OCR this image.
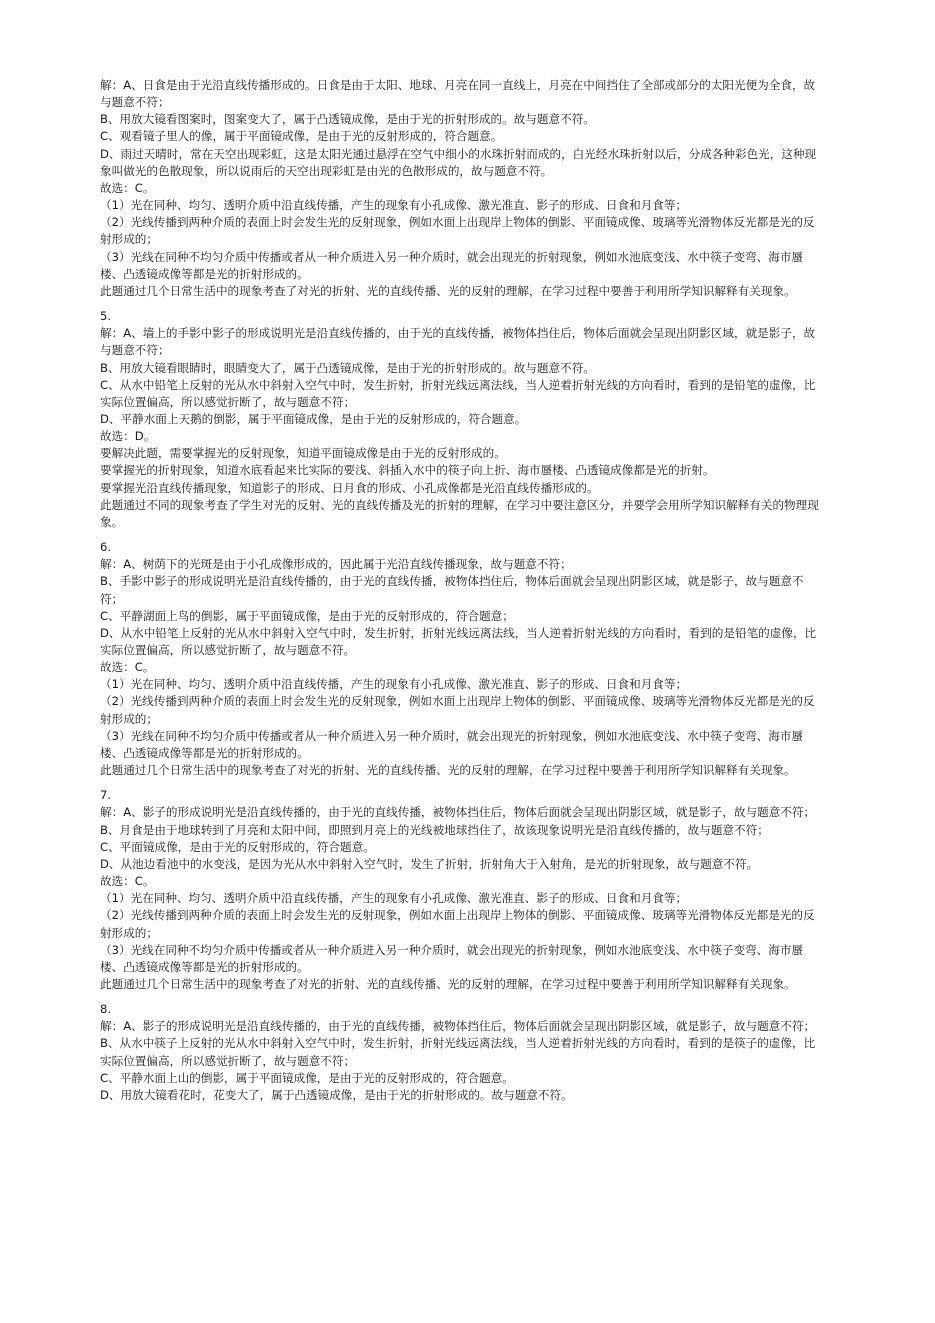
解：A、日食是由于光沿直线传播形成的。日食是由于太阳、地球、月亮在同一直线上，月亮在中间挡住了全部或部分的太阳光便为全食，故与题意不符；

B、用放大镜看图案时，图案变大了，属于凸透镜成像，是由于光的折射形成的。故与题意不符。

C、观看镜子里人的像，属于平面镜成像，是由于光的反射形成的，符合题意。

D、雨过天晴时，常在天空出现彩虹，这是太阳光通过悬浮在空气中细小的水珠折射而成的，白光经水珠折射以后，分成各种彩色光，这种现象叫做光的色散现象，所以说雨后的天空出现彩虹是由光的色散形成的，故与题意不符。

故选：C。

（1）光在同种、均匀、透明介质中沿直线传播，产生的现象有小孔成像、激光准直、影子的形成、日食和月食等；

（2）光线传播到两种介质的表面上时会发生光的反射现象，例如水面上出现岸上物体的倒影、平面镜成像、玻璃等光滑物体反光都是光的反射形成的；

（3）光线在同种不均匀介质中传播或者从一种介质进入另一种介质时，就会出现光的折射现象，例如水池底变浅、水中筷子变弯、海市蜃楼、凸透镜成像等都是光的折射形成的。

此题通过几个日常生活中的现象考查了对光的折射、光的直线传播、光的反射的理解，在学习过程中要善于利用所学知识解释有关现象。

5.

解：A、墙上的手影中影子的形成说明光是沿直线传播的，由于光的直线传播，被物体挡住后，物体后面就会呈现出阴影区域，就是影子，故与题意不符；

B、用放大镜看眼睛时，眼睛变大了，属于凸透镜成像，是由于光的折射形成的。故与题意不符。

C、从水中铅笔上反射的光从水中斜射入空气中时，发生折射，折射光线远离法线，当人逆着折射光线的方向看时，看到的是铅笔的虚像，比实际位置偏高，所以感觉折断了，故与题意不符；

D、平静水面上天鹅的倒影，属于平面镜成像，是由于光的反射形成的，符合题意。

故选：D。

要解决此题，需要掌握光的反射现象，知道平面镜成像是由于光的反射形成的。

要掌握光的折射现象，知道水底看起来比实际的要浅、斜插入水中的筷子向上折、海市蜃楼、凸透镜成像都是光的折射。

要掌握光沿直线传播现象，知道影子的形成、日月食的形成、小孔成像都是光沿直线传播形成的。

此题通过不同的现象考查了学生对光的反射、光的直线传播及光的折射的理解，在学习中要注意区分，并要学会用所学知识解释有关的物理现象。

6.

解：A、树荫下的光斑是由于小孔成像形成的，因此属于光沿直线传播现象，故与题意不符；

B、手影中影子的形成说明光是沿直线传播的，由于光的直线传播，被物体挡住后，物体后面就会呈现出阴影区域，就是影子，故与题意不符；

C、平静湖面上鸟的倒影，属于平面镜成像，是由于光的反射形成的，符合题意；

D、从水中铅笔上反射的光从水中斜射入空气中时，发生折射，折射光线远离法线，当人逆着折射光线的方向看时，看到的是铅笔的虚像，比实际位置偏高，所以感觉折断了，故与题意不符。

故选：C。

（1）光在同种、均匀、透明介质中沿直线传播，产生的现象有小孔成像、激光准直、影子的形成、日食和月食等；

（2）光线传播到两种介质的表面上时会发生光的反射现象，例如水面上出现岸上物体的倒影、平面镜成像、玻璃等光滑物体反光都是光的反射形成的；

（3）光线在同种不均匀介质中传播或者从一种介质进入另一种介质时，就会出现光的折射现象，例如水池底变浅、水中筷子变弯、海市蜃楼、凸透镜成像等都是光的折射形成的。

此题通过几个日常生活中的现象考查了对光的折射、光的直线传播、光的反射的理解，在学习过程中要善于利用所学知识解释有关现象。

7.

解：A、影子的形成说明光是沿直线传播的，由于光的直线传播，被物体挡住后，物体后面就会呈现出阴影区域，就是影子，故与题意不符；

B、月食是由于地球转到了月亮和太阳中间，即照到月亮上的光线被地球挡住了，故该现象说明光是沿直线传播的，故与题意不符；

C、平面镜成像，是由于光的反射形成的，符合题意。

D、从池边看池中的水变浅，是因为光从水中斜射入空气时，发生了折射，折射角大于入射角，是光的折射现象，故与题意不符。

故选：C。

（1）光在同种、均匀、透明介质中沿直线传播，产生的现象有小孔成像、激光准直、影子的形成、日食和月食等；

（2）光线传播到两种介质的表面上时会发生光的反射现象，例如水面上出现岸上物体的倒影、平面镜成像、玻璃等光滑物体反光都是光的反射形成的；

（3）光线在同种不均匀介质中传播或者从一种介质进入另一种介质时，就会出现光的折射现象，例如水池底变浅、水中筷子变弯、海市蜃楼、凸透镜成像等都是光的折射形成的。

此题通过几个日常生活中的现象考查了对光的折射、光的直线传播、光的反射的理解，在学习过程中要善于利用所学知识解释有关现象。

8.

解：A、影子的形成说明光是沿直线传播的，由于光的直线传播，被物体挡住后，物体后面就会呈现出阴影区域，就是影子，故与题意不符；

B、从水中筷子上反射的光从水中斜射入空气中时，发生折射，折射光线远离法线，当人逆着折射光线的方向看时，看到的是筷子的虚像，比实际位置偏高，所以感觉折断了，故与题意不符；

C、平静水面上山的倒影，属于平面镜成像，是由于光的反射形成的，符合题意。

D、用放大镜看花时，花变大了，属于凸透镜成像，是由于光的折射形成的。故与题意不符。
